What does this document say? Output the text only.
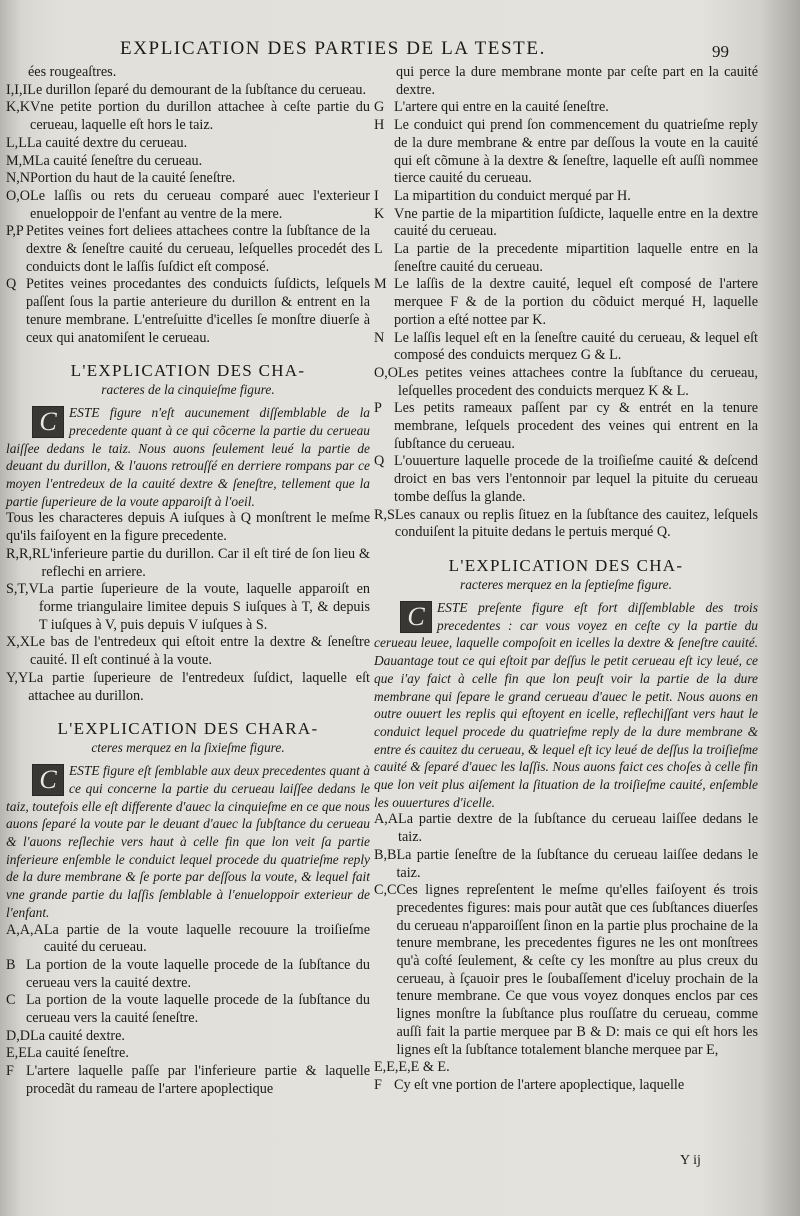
EXPLICATION DES PARTIES DE LA TESTE.	99
ées rougeaſtres.
I,I,I Le durillon ſeparé du demourant de la ſubſtance du cerueau.
K,K Vne petite portion du durillon attachee à ceſte partie du cerueau, laquelle eſt hors le taiz.
L,L La cauité dextre du cerueau.
M,M La cauité ſeneſtre du cerueau.
N,N Portion du haut de la cauité ſeneſtre.
O,O Le laſſis ou rets du cerueau comparé auec l'exterieur enueloppoir de l'enfant au ventre de la mere.
P,P Petites veines fort deliees attachees contre la ſubſtance de la dextre & ſeneſtre cauité du cerueau, leſquelles procedét des conduicts dont le laſſis ſuſdict eſt composé.
Q Petites veines procedantes des conduicts ſuſdicts, leſquels paſſent ſous la partie anterieure du durillon & entrent en la tenure membrane. L'entreſuitte d'icelles ſe monſtre diuerſe à ceux qui anatomiſent le cerueau.
L'EXPLICATION DES CHA-
racteres de la cinquieſme figure.
C ESTE figure n'eſt aucunement diſſemblable de la precedente quant à ce qui cõcerne la partie du cerueau laiſſee dedans le taiz. Nous auons ſeulement leué la partie de deuant du durillon, & l'auons retrouſſé en derriere rompans par ce moyen l'entredeux de la cauité dextre & ſeneſtre, tellement que la partie ſuperieure de la voute apparoiſt à l'oeil.
Tous les characteres depuis A iuſques à Q monſtrent le meſme qu'ils faiſoyent en la figure precedente.
R,R,R L'inferieure partie du durillon. Car il eſt tiré de ſon lieu & reflechi en arriere.
S,T,V La partie ſuperieure de la voute, laquelle apparoiſt en forme triangulaire limitee depuis S iuſques à T, & depuis T iuſques à V, puis depuis V iuſques à S.
X,X Le bas de l'entredeux qui eſtoit entre la dextre & ſeneſtre cauité. Il eſt continué à la voute.
Y,Y La partie ſuperieure de l'entredeux ſuſdict, laquelle eſt attachee au durillon.
L'EXPLICATION DES CHARA-
cteres merquez en la ſixieſme figure.
C ESTE figure eſt ſemblable aux deux precedentes quant à ce qui concerne la partie du cerueau laiſſee dedans le taiz, toutefois elle eſt differente d'auec la cinquieſme en ce que nous auons ſeparé la voute par le deuant d'auec la ſubſtance du cerueau & l'auons reſlechie vers haut à celle fin que lon veit ſa partie inferieure enſemble le conduict lequel procede du quatrieſme reply de la dure membrane & ſe porte par deſſous la voute, & lequel fait vne grande partie du laſſis ſemblable à l'enueloppoir exterieur de l'enfant.
A,A,A La partie de la voute laquelle recouure la troiſieſme cauité du cerueau.
B La portion de la voute laquelle procede de la ſubſtance du cerueau vers la cauité dextre.
C La portion de la voute laquelle procede de la ſubſtance du cerueau vers la cauité ſeneſtre.
D,D La cauité dextre.
E,E La cauité ſeneſtre.
F L'artere laquelle paſſe par l'inferieure partie & laquelle procedãt du rameau de l'artere apoplectique
qui perce la dure membrane monte par ceſte part en la cauité dextre.
G L'artere qui entre en la cauité ſeneſtre.
H Le conduict qui prend ſon commencement du quatrieſme reply de la dure membrane & entre par deſſous la voute en la cauité qui eſt cõmune à la dextre & ſeneſtre, laquelle eſt auſſi nommee tierce cauité du cerueau.
I	La mipartition du conduict merqué par H.
K Vne partie de la mipartition ſuſdicte, laquelle entre en la dextre cauité du cerueau.
L La partie de la precedente mipartition laquelle entre en la ſeneſtre cauité du cerueau.
M Le laſſis de la dextre cauité, lequel eſt composé de l'artere merquee F & de la portion du cõduict merqué H, laquelle portion a eſté nottee par K.
N Le laſſis lequel eſt en la ſeneſtre cauité du cerueau, & lequel eſt composé des conduicts merquez G & L.
O,O Les petites veines attachees contre la ſubſtance du cerueau, leſquelles procedent des conduicts merquez K & L.
P Les petits rameaux paſſent par cy & entrét en la tenure membrane, leſquels procedent des veines qui entrent en la ſubſtance du cerueau.
Q L'ouuerture laquelle procede de la troiſieſme cauité & deſcend droict en bas vers l'entonnoir par lequel la pituite du cerueau tombe deſſus la glande.
R,S Les canaux ou replis ſituez en la ſubſtance des cauitez, leſquels conduiſent la pituite dedans le pertuis merqué Q.
L'EXPLICATION DES CHA-
racteres merquez en la ſeptieſme figure.
C ESTE preſente figure eſt fort diſſemblable des trois precedentes : car vous voyez en ceſte cy la partie du cerueau leuee, laquelle compoſoit en icelles la dextre & ſeneſtre cauité. Dauantage tout ce qui eſtoit par deſſus le petit cerueau eſt icy leué, ce que i'ay faict à celle fin que lon peuſt voir la partie de la dure membrane qui ſepare le grand cerueau d'auec le petit. Nous auons en outre ouuert les replis qui eſtoyent en icelle, reflechiſſant vers haut le conduict lequel procede du quatrieſme reply de la dure membrane & entre és cauitez du cerueau, & lequel eſt icy leué de deſſus la troiſieſme cauité & ſeparé d'auec les laſſis. Nous auons faict ces choſes à celle fin que lon veit plus aiſement la ſituation de la troiſieſme cauité, enſemble les ouuertures d'icelle.
A,A La partie dextre de la ſubſtance du cerueau laiſſee dedans le taiz.
B,B La partie ſeneſtre de la ſubſtance du cerueau laiſſee dedans le taiz.
C,C Ces lignes repreſentent le meſme qu'elles faiſoyent és trois precedentes figures: mais pour autãt que ces ſubſtances diuerſes du cerueau n'apparoiſſent ſinon en la partie plus prochaine de la tenure membrane, les precedentes figures ne les ont monſtrees qu'à coſté ſeulement, & ceſte cy les monſtre au plus creux du cerueau, à ſçauoir pres le ſoubaſſement d'iceluy prochain de la tenure membrane. Ce que vous voyez donques enclos par ces lignes monſtre la ſubſtance plus rouſſatre du cerueau, comme auſſi fait la partie merquee par B & D: mais ce qui eſt hors les lignes eſt la ſubſtance totalement blanche merquee par E,
E,E,E, E & E.
F Cy eſt vne portion de l'artere apoplectique, laquelle
Y ij
